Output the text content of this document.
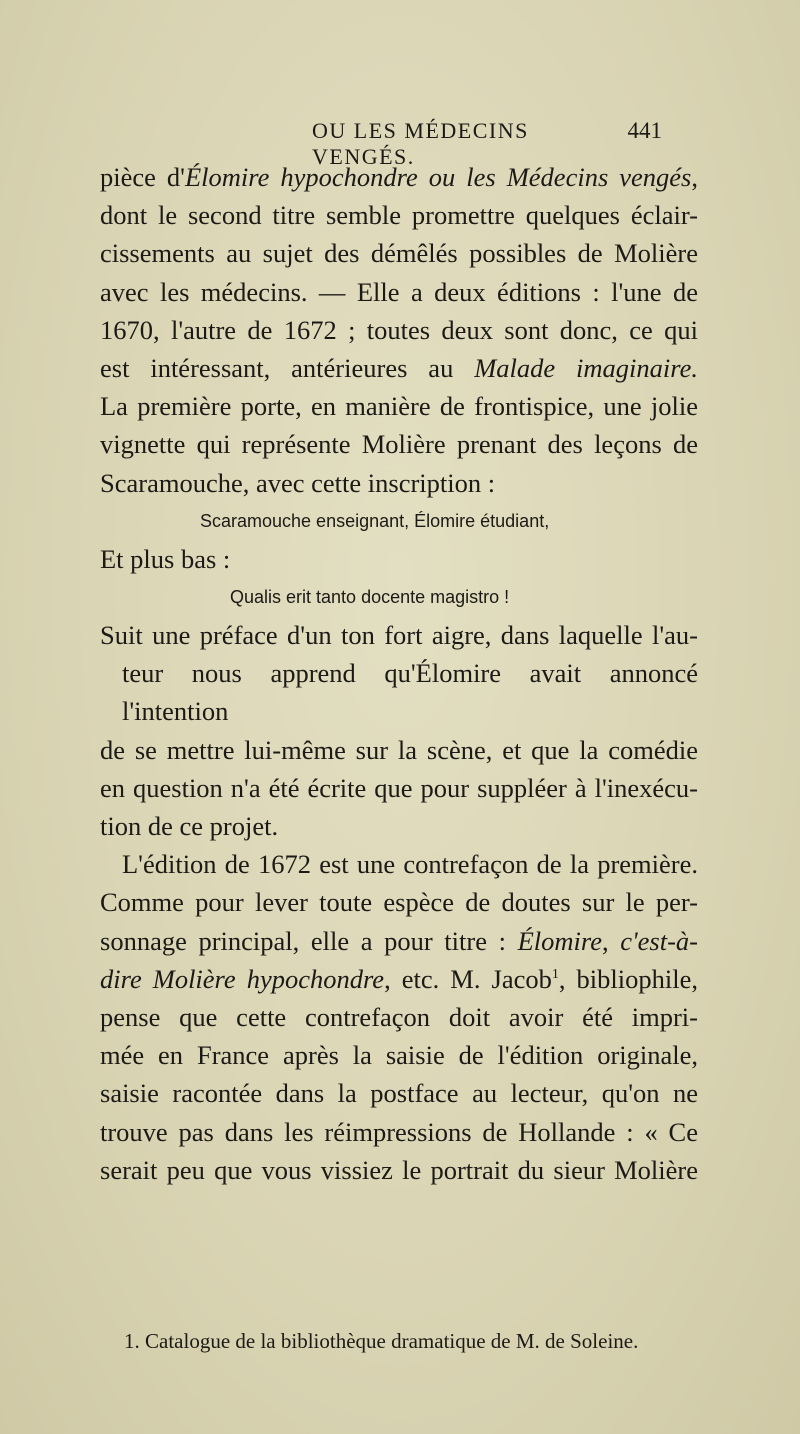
OU LES MÉDECINS VENGÉS.
441
pièce d'Élomire hypochondre ou les Médecins vengés,
dont le second titre semble promettre quelques éclair-
cissements au sujet des démêlés possibles de Molière
avec les médecins. — Elle a deux éditions : l'une de
1670, l'autre de 1672 ; toutes deux sont donc, ce qui
est intéressant, antérieures au Malade imaginaire.
La première porte, en manière de frontispice, une jolie
vignette qui représente Molière prenant des leçons de
Scaramouche, avec cette inscription :
Scaramouche enseignant, Élomire étudiant,
Et plus bas :
Qualis erit tanto docente magistro !
Suit une préface d'un ton fort aigre, dans laquelle l'au-
teur nous apprend qu'Élomire avait annoncé l'intention
de se mettre lui-même sur la scène, et que la comédie
en question n'a été écrite que pour suppléer à l'inexécu-
tion de ce projet.
L'édition de 1672 est une contrefaçon de la première.
Comme pour lever toute espèce de doutes sur le per-
sonnage principal, elle a pour titre : Élomire, c'est-à-
dire Molière hypochondre, etc. M. Jacob$^1$, bibliophile,
pense que cette contrefaçon doit avoir été impri-
mée en France après la saisie de l'édition originale,
saisie racontée dans la postface au lecteur, qu'on ne
trouve pas dans les réimpressions de Hollande : « Ce
serait peu que vous vissiez le portrait du sieur Molière
1. Catalogue de la bibliothèque dramatique de M. de Soleine.
